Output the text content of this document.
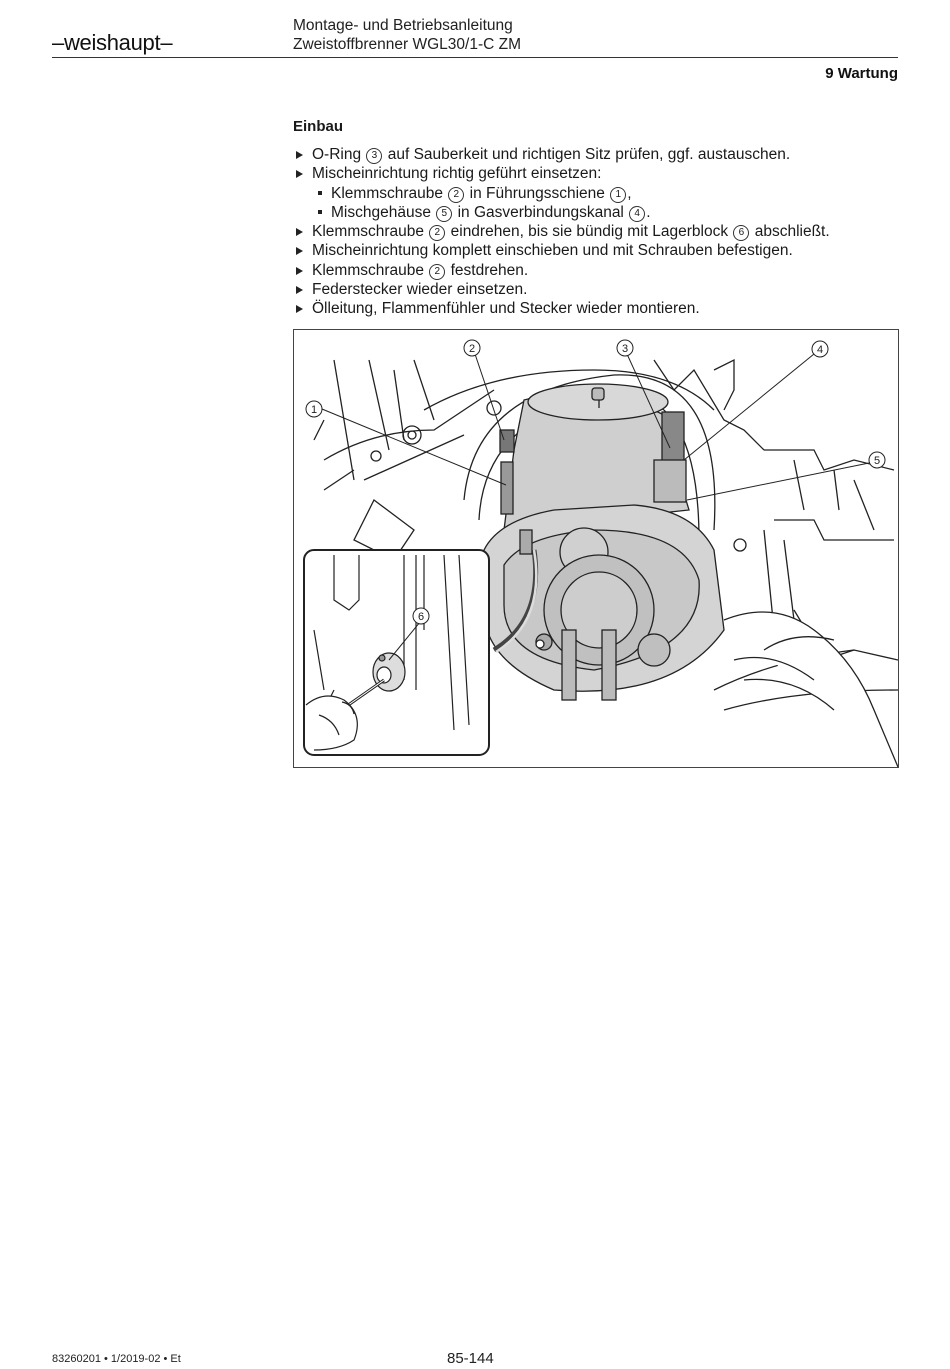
–weishaupt–
Montage- und Betriebsanleitung
Zweistoffbrenner WGL30/1-C ZM
9 Wartung
Einbau
O-Ring 3 auf Sauberkeit und richtigen Sitz prüfen, ggf. austauschen.
Mischeinrichtung richtig geführt einsetzen:
Klemmschraube 2 in Führungsschiene 1 ,
Mischgehäuse 5 in Gasverbindungskanal 4 .
Klemmschraube 2 eindrehen, bis sie bündig mit Lagerblock 6 abschließt.
Mischeinrichtung komplett einschieben und mit Schrauben befestigen.
Klemmschraube 2 festdrehen.
Federstecker wieder einsetzen.
Ölleitung, Flammenfühler und Stecker wieder montieren.
1
2	3	4
5
6
83260201 • 1/2019-02 • Et	85-144
